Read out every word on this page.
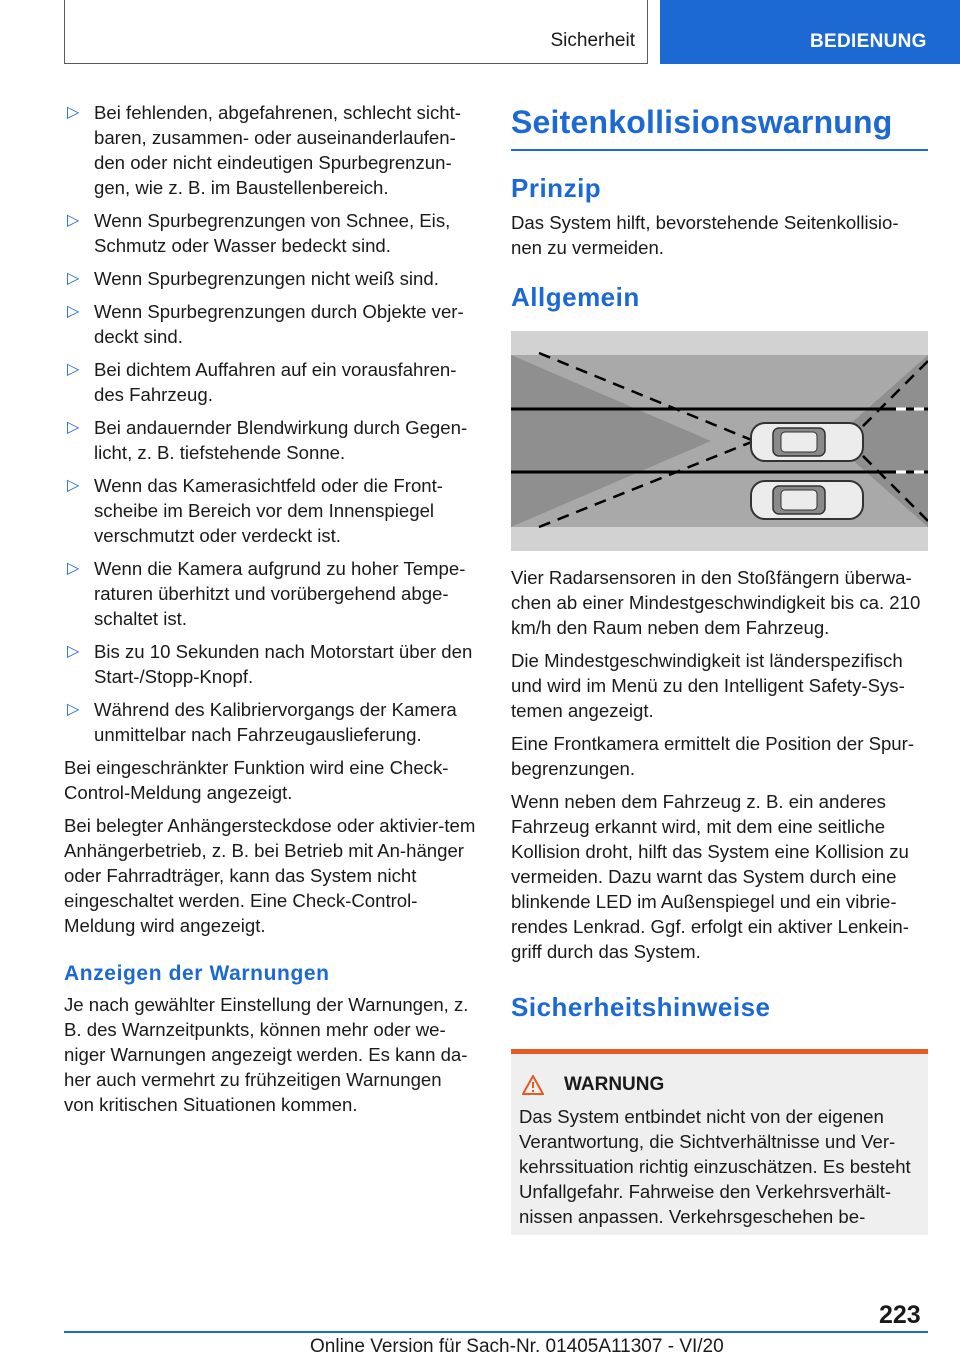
Sicherheit	BEDIENUNG
▷ Bei fehlenden, abgefahrenen, schlecht sicht-baren, zusammen- oder auseinanderlaufen-den oder nicht eindeutigen Spurbegrenzun-gen, wie z. B. im Baustellenbereich.
▷ Wenn Spurbegrenzungen von Schnee, Eis, Schmutz oder Wasser bedeckt sind.
▷ Wenn Spurbegrenzungen nicht weiß sind.
▷ Wenn Spurbegrenzungen durch Objekte ver-deckt sind.
▷ Bei dichtem Auffahren auf ein vorausfahren-des Fahrzeug.
▷ Bei andauernder Blendwirkung durch Gegen-licht, z. B. tiefstehende Sonne.
▷ Wenn das Kamerasichtfeld oder die Front-scheibe im Bereich vor dem Innenspiegel verschmutzt oder verdeckt ist.
▷ Wenn die Kamera aufgrund zu hoher Tempe-raturen überhitzt und vorübergehend abge-schaltet ist.
▷ Bis zu 10 Sekunden nach Motorstart über den Start-/Stopp-Knopf.
▷ Während des Kalibriervorgangs der Kamera unmittelbar nach Fahrzeugauslieferung.

Bei eingeschränkter Funktion wird eine Check-Control-Meldung angezeigt.

Bei belegter Anhängersteckdose oder aktivier-tem Anhängerbetrieb, z. B. bei Betrieb mit An-hänger oder Fahrradträger, kann das System nicht eingeschaltet werden. Eine Check-Control-Meldung wird angezeigt.

Anzeigen der Warnungen

Je nach gewählter Einstellung der Warnungen, z. B. des Warnzeitpunkts, können mehr oder we-niger Warnungen angezeigt werden. Es kann da-her auch vermehrt zu frühzeitigen Warnungen von kritischen Situationen kommen.

Seitenkollisionswarnung
Prinzip

Das System hilft, bevorstehende Seitenkollisio-nen zu vermeiden.

Allgemein

Vier Radarsensoren in den Stoßfängern überwa-chen ab einer Mindestgeschwindigkeit bis ca. 210 km/h den Raum neben dem Fahrzeug.

Die Mindestgeschwindigkeit ist länderspezifisch und wird im Menü zu den Intelligent Safety-Sys-temen angezeigt.

Eine Frontkamera ermittelt die Position der Spur-begrenzungen.

Wenn neben dem Fahrzeug z. B. ein anderes Fahrzeug erkannt wird, mit dem eine seitliche Kollision droht, hilft das System eine Kollision zu vermeiden. Dazu warnt das System durch eine blinkende LED im Außenspiegel und ein vibrie-rendes Lenkrad. Ggf. erfolgt ein aktiver Lenkein-griff durch das System.

Sicherheitshinweise
WARNUNG
Das System entbindet nicht von der eigenen Verantwortung, die Sichtverhältnisse und Ver-kehrssituation richtig einzuschätzen. Es besteht Unfallgefahr. Fahrweise den Verkehrsverhält-nissen anpassen. Verkehrsgeschehen be-
223
Online Version für Sach-Nr. 01405A11307 - VI/20
